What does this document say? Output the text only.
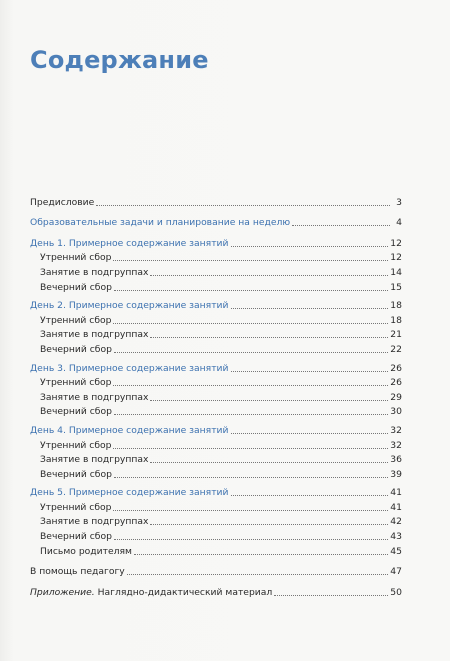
Содержание
Предисловие	3
Образовательные задачи и планирование на неделю	4
День 1. Примерное содержание занятий	12
Утренний сбор	12
Занятие в подгруппах	14
Вечерний сбор	15
День 2. Примерное содержание занятий	18
Утренний сбор	18
Занятие в подгруппах	21
Вечерний сбор	22
День 3. Примерное содержание занятий	26
Утренний сбор	26
Занятие в подгруппах	29
Вечерний сбор	30
День 4. Примерное содержание занятий	32
Утренний сбор	32
Занятие в подгруппах	36
Вечерний сбор	39
День 5. Примерное содержание занятий	41
Утренний сбор	41
Занятие в подгруппах	42
Вечерний сбор	43
Письмо родителям	45
В помощь педагогу	47
Приложение. Наглядно-дидактический материал	50
